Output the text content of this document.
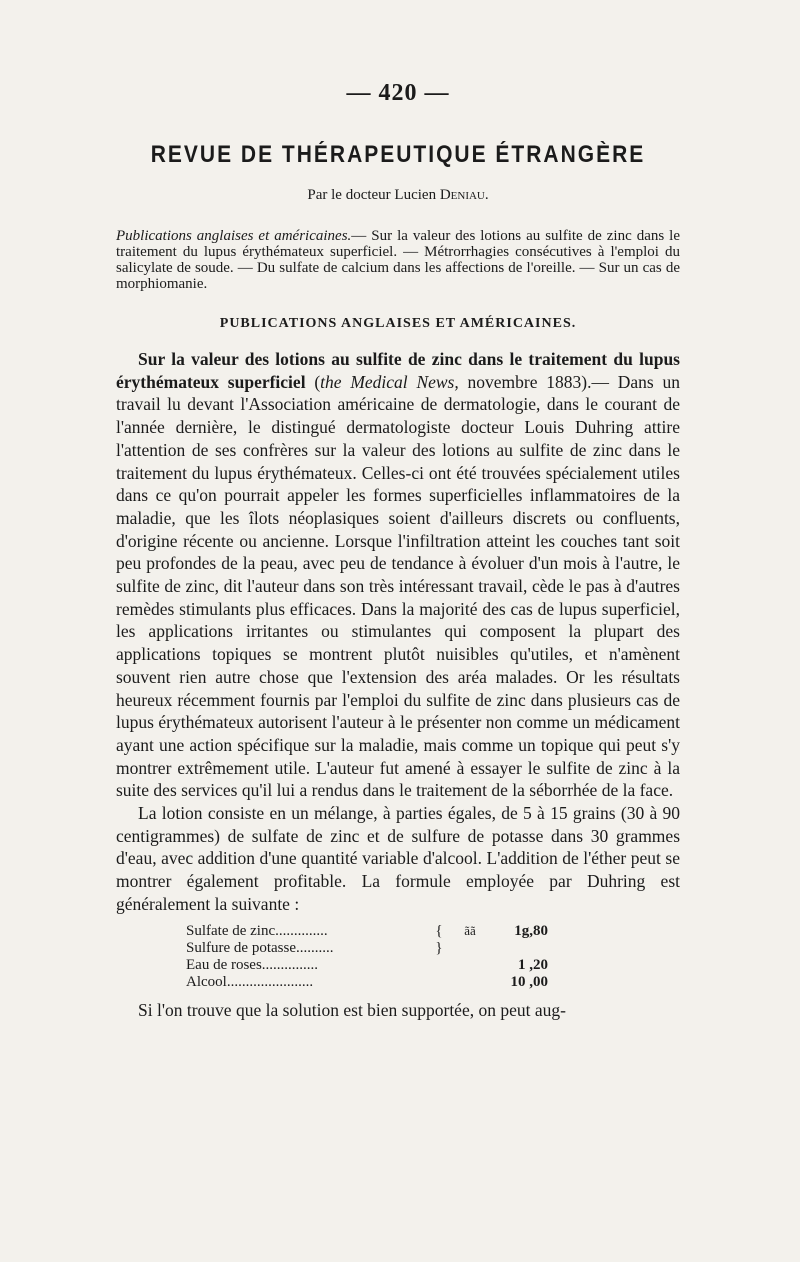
— 420 —
REVUE DE THÉRAPEUTIQUE ÉTRANGÈRE
Par le docteur Lucien Deniau.
Publications anglaises et américaines.— Sur la valeur des lotions au sulfite de zinc dans le traitement du lupus érythémateux superficiel. — Métrorrhagies consécutives à l'emploi du salicylate de soude. — Du sulfate de calcium dans les affections de l'oreille. — Sur un cas de morphiomanie.
PUBLICATIONS ANGLAISES ET AMÉRICAINES.

Sur la valeur des lotions au sulfite de zinc dans le traitement du lupus érythémateux superficiel (the Medical News, novembre 1883).— Dans un travail lu devant l'Association américaine de dermatologie, dans le courant de l'année dernière, le distingué dermatologiste docteur Louis Duhring attire l'attention de ses confrères sur la valeur des lotions au sulfite de zinc dans le traitement du lupus érythémateux. Celles-ci ont été trouvées spécialement utiles dans ce qu'on pourrait appeler les formes superficielles inflammatoires de la maladie, que les îlots néoplasiques soient d'ailleurs discrets ou confluents, d'origine récente ou ancienne. Lorsque l'infiltration atteint les couches tant soit peu profondes de la peau, avec peu de tendance à évoluer d'un mois à l'autre, le sulfite de zinc, dit l'auteur dans son très intéressant travail, cède le pas à d'autres remèdes stimulants plus efficaces. Dans la majorité des cas de lupus superficiel, les applications irritantes ou stimulantes qui composent la plupart des applications topiques se montrent plutôt nuisibles qu'utiles, et n'amènent souvent rien autre chose que l'extension des aréa malades. Or les résultats heureux récemment fournis par l'emploi du sulfite de zinc dans plusieurs cas de lupus érythémateux autorisent l'auteur à le présenter non comme un médicament ayant une action spécifique sur la maladie, mais comme un topique qui peut s'y montrer extrêmement utile. L'auteur fut amené à essayer le sulfite de zinc à la suite des services qu'il lui a rendus dans le traitement de la séborrhée de la face.

La lotion consiste en un mélange, à parties égales, de 5 à 15 grains (30 à 90 centigrammes) de sulfate de zinc et de sulfure de potasse dans 30 grammes d'eau, avec addition d'une quantité variable d'alcool. L'addition de l'éther peut se montrer également profitable. La formule employée par Duhring est généralement la suivante :

Sulfate de zinc..............	{	ãã	1g,80
Sulfure de potasse..........	}
Eau de roses...............	1 ,20
Alcool.......................	10 ,00
Si l'on trouve que la solution est bien supportée, on peut aug-
